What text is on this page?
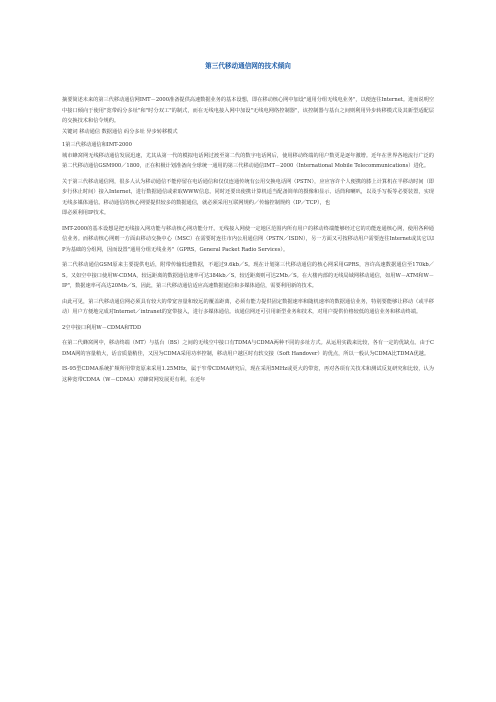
第三代移动通信网的技术倾向

摘要简述未来的第三代移动通信网IMT－2000准备提供高速数据业务的基本设想，即在移动核心网中加设"通用分组无线电业务"，以便连往Internet。进而说明空中接口倾向于使用"宽带码分多址"和"时分双工"的制式，而在无线电接入网中加设"无线电网络控制器"，该控制器与基台之间则利用异步转移模式及其新型适配层的交换技术和信令规约。

关键词 移动通信 数据通信 码分多址 异步转移模式

1第三代移动通信和IMT-2000

城市蜂窝网无线移动通信发展迅速，尤其从第一代的模拟电话网过渡至第二代的数字电话网后，使用移动终端的用户数更是逐年激增。近年在世界各地流行广泛的第二代移动通信GSM900／1800，正在积极计划准备向全球统一通用的第三代移动通信IMT－2000（International Mobile Telecommunications）进化。

关于第三代移动通信网，很多人认为移动通信不能停留在电话通信和仅仅连通传统有公用交换电话网（PSTN），应应容许个人便携的膝上计算机在半移动时间（即步行休止时间）接入Internet，进行数据通信或索取WWW信息。同时还要出使携计算机适当配备简单的摄像和显示、话筒和喇叭，以及手写板等必要装置，实现无线多媒体通信。移动通信的核心网要提供较多的数据通信，就必须采用互联网规约／传输控制规约（IP／TCP），也

即必须利用IP技术。

IMT-2000的基本设想是把无线接入网功能与移动核心网功能分开。无线接入网使一定地区范围内所有用户的移动终端能够经过它的功能连通核心网，使用各种通信业务。而移动核心网则一方面由移动交换中心（MSC）在需要时连往市内公用通信网（PSTN／ISDN），另一方面又可按移动用户需要连往Internet或其它以IP为基础的分组网，因而设置"通用分组无线业务"（GPRS，General Packet Radio Services）。

第二代移动通信GSM原来主要提供电话，附带传输低速数据，不超过9.6kb／S。现在计划第三代移动通信的核心网采用GPRS，容许高速数据通信至170kb／S。又如空中接口使用W-CDMA，较远距离的数据通信速率可达384kb／S，较近距离则可达2Mb／S。在大楼内部的无线局域网移动通信，如用W－ATM和W－IP"，数据速率可高达20Mb／S。因此，第三代移动通信适应高速数据通信和多媒体通信，需要利用新的技术。

由此可见，第三代移动通信网必须具有较大的带宽容量和较远的覆盖距离，必须有能力提供固定数据速率和随机速率的数据通信业务，特别要能够让移动（或半移动）用户方便地完成对Internet／intranet的宽带接入，进行多媒体通信。该通信网还可引用新型业务和技术，对用户提供价格较低的通信业务和移动终端。

2空中接口利用W－CDMA和TDD

在第二代蜂窝网中，移动终端（MT）与基台（BS）之间的无线空中接口有TDMA与CDMA两种不同的多址方式。从运用实践来比较，各有一定的优缺点。由于CDMA网的容量稍大，话音质量稍佳，又因为CDMA采用功率控制，移动用户越区时有软交接（Soft Handover）的优点，所以一般认为CDMA比TDMA优越。

IS-95型CDMA系统扩频所用带宽原来采用1.25MHz，属于窄带CDMA研究后，现在采用5MHz或更大的带宽，再对各项有关技术和测试反复研究和比较，认为这种宽带CDMA（W－CDMA）对蜂窝网发展更有利。在近年
